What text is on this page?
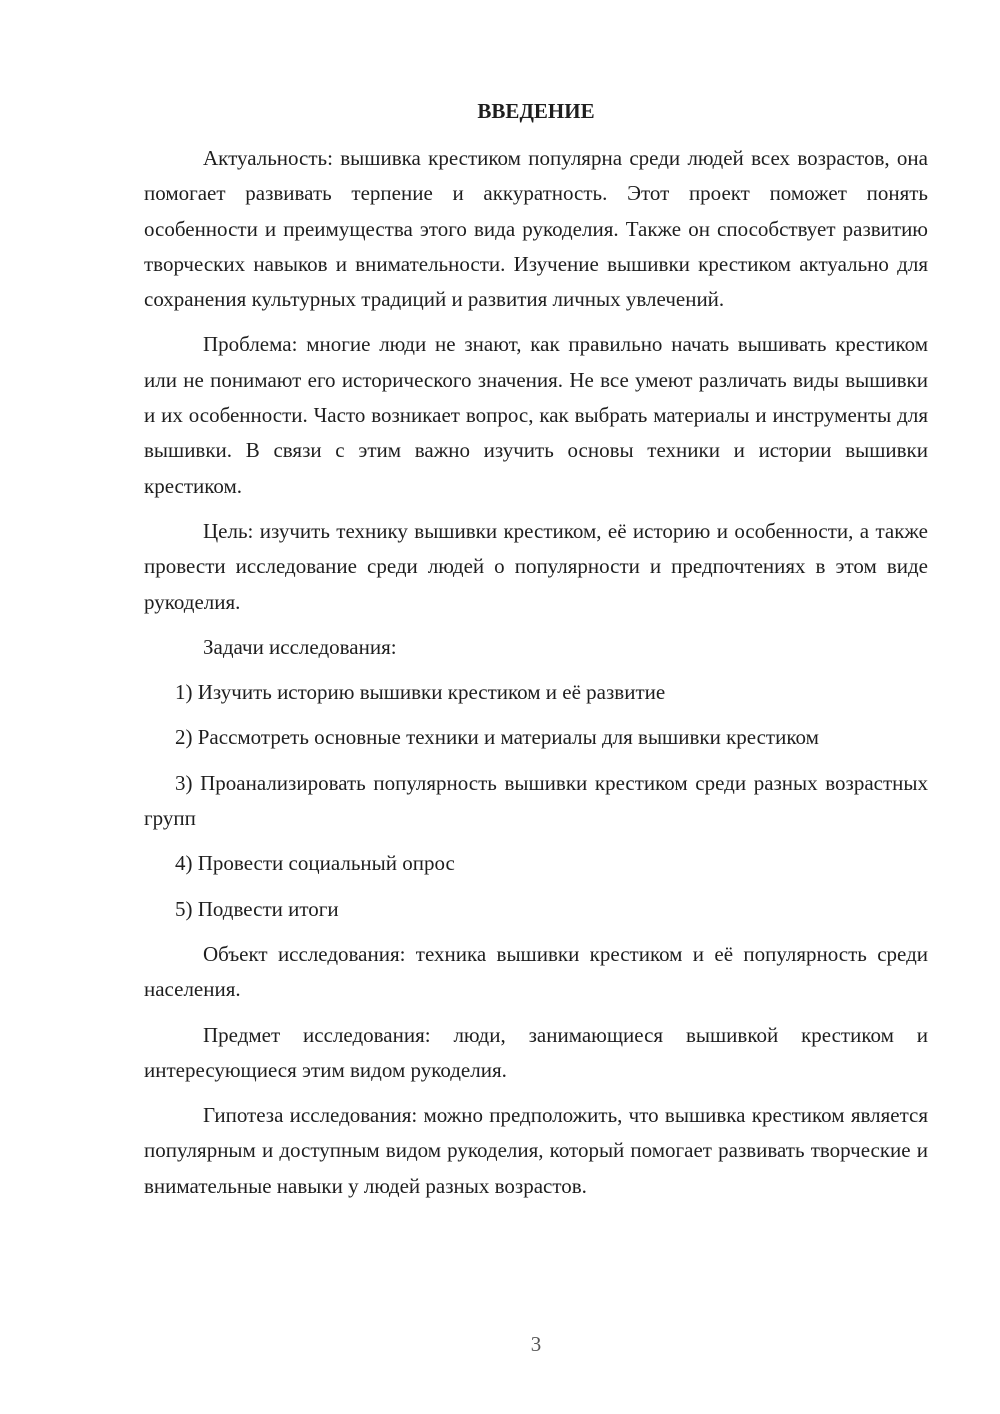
ВВЕДЕНИЕ

Актуальность: вышивка крестиком популярна среди людей всех возрастов, она помогает развивать терпение и аккуратность. Этот проект поможет понять особенности и преимущества этого вида рукоделия. Также он способствует развитию творческих навыков и внимательности. Изучение вышивки крестиком актуально для сохранения культурных традиций и развития личных увлечений.

Проблема: многие люди не знают, как правильно начать вышивать крестиком или не понимают его исторического значения. Не все умеют различать виды вышивки и их особенности. Часто возникает вопрос, как выбрать материалы и инструменты для вышивки. В связи с этим важно изучить основы техники и истории вышивки крестиком.

Цель: изучить технику вышивки крестиком, её историю и особенности, а также провести исследование среди людей о популярности и предпочтениях в этом виде рукоделия.

Задачи исследования:

1) Изучить историю вышивки крестиком и её развитие

2) Рассмотреть основные техники и материалы для вышивки крестиком

3) Проанализировать популярность вышивки крестиком среди разных возрастных групп

4) Провести социальный опрос

5) Подвести итоги

Объект исследования: техника вышивки крестиком и её популярность среди населения.

Предмет исследования: люди, занимающиеся вышивкой крестиком и интересующиеся этим видом рукоделия.

Гипотеза исследования: можно предположить, что вышивка крестиком является популярным и доступным видом рукоделия, который помогает развивать творческие и внимательные навыки у людей разных возрастов.

3
